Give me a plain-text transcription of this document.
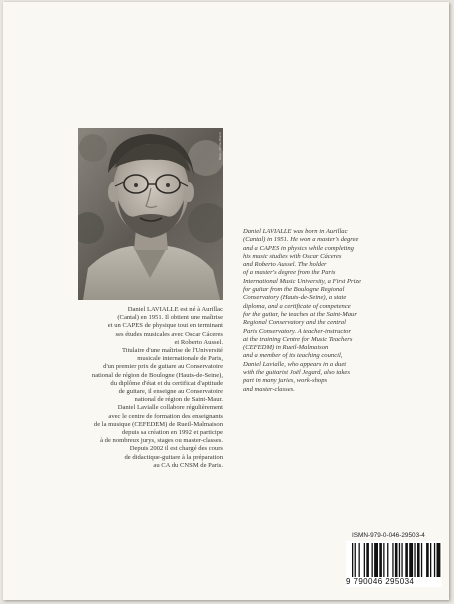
Photo : Nicolas Bouvot
Daniel LAVIALLE est né à Aurillac
(Cantal) en 1951. Il obtient une maîtrise
et un CAPES de physique tout en terminant
ses études musicales avec Oscar Cáceres
et Roberto Aussel.
Titulaire d'une maîtrise de l'Université
musicale internationale de Paris,
d'un premier prix de guitare au Conservatoire
national de région de Boulogne (Hauts-de-Seine),
du diplôme d'état et du certificat d'aptitude
de guitare, il enseigne au Conservatoire
national de région de Saint-Maur.
Daniel Lavialle collabore régulièrement
avec le centre de formation des enseignants
de la musique (CEFEDEM) de Rueil-Malmaison
depuis sa création en 1992 et participe
à de nombreux jurys, stages ou master-classes.
Depuis 2002 il est chargé des cours
de didactique-guitare à la préparation
au CA du CNSM de Paris.
Daniel LAVIALLE was born in Aurillac
(Cantal) in 1951. He won a master's degree
and a CAPES in physics while completing
his music studies with Oscar Cáceres
and Roberto Aussel. The holder
of a master's degree from the Paris
International Music University, a First Prize
for guitar from the Boulogne Regional
Conservatory (Hauts-de-Seine), a state
diploma, and a certificate of competence
for the guitar, he teaches at the Saint-Maur
Regional Conservatory and the central
Paris Conservatory. A teacher-instructor
at the training Centre for Music Teachers
(CEFEDM) in Rueil-Malmaison
and a member of its teaching council,
Daniel Lavialle, who appears in a duet
with the guitarist Joël Jegard, also takes
part in many juries, work-shops
and master-classes.
ISMN-979-0-046-29503-4
9 790046 295034
